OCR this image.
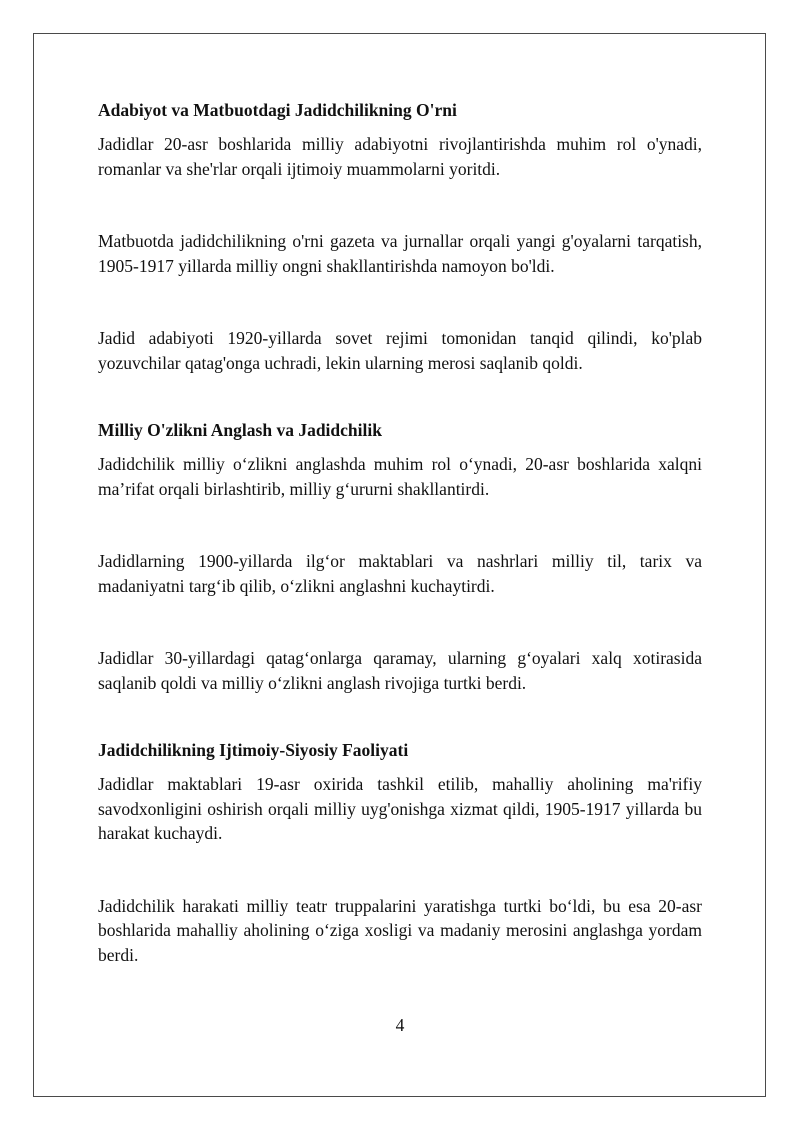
Adabiyot va Matbuotdagi Jadidchilikning O'rni

Jadidlar 20-asr boshlarida milliy adabiyotni rivojlantirishda muhim rol o'ynadi, romanlar va she'rlar orqali ijtimoiy muammolarni yoritdi.

Matbuotda jadidchilikning o'rni gazeta va jurnallar orqali yangi g'oyalarni tarqatish, 1905-1917 yillarda milliy ongni shakllantirishda namoyon bo'ldi.

Jadid adabiyoti 1920-yillarda sovet rejimi tomonidan tanqid qilindi, ko'plab yozuvchilar qatag'onga uchradi, lekin ularning merosi saqlanib qoldi.

Milliy O'zlikni Anglash va Jadidchilik

Jadidchilik milliy o‘zlikni anglashda muhim rol o‘ynadi, 20-asr boshlarida xalqni ma’rifat orqali birlashtirib, milliy g‘ururni shakllantirdi.

Jadidlarning 1900-yillarda ilg‘or maktablari va nashrlari milliy til, tarix va madaniyatni targ‘ib qilib, o‘zlikni anglashni kuchaytirdi.

Jadidlar 30-yillardagi qatag‘onlarga qaramay, ularning g‘oyalari xalq xotirasida saqlanib qoldi va milliy o‘zlikni anglash rivojiga turtki berdi.

Jadidchilikning Ijtimoiy-Siyosiy Faoliyati

Jadidlar maktablari 19-asr oxirida tashkil etilib, mahalliy aholining ma'rifiy savodxonligini oshirish orqali milliy uyg'onishga xizmat qildi, 1905-1917 yillarda bu harakat kuchaydi.

Jadidchilik harakati milliy teatr truppalarini yaratishga turtki bo‘ldi, bu esa 20-asr boshlarida mahalliy aholining o‘ziga xosligi va madaniy merosini anglashga yordam berdi.

4
